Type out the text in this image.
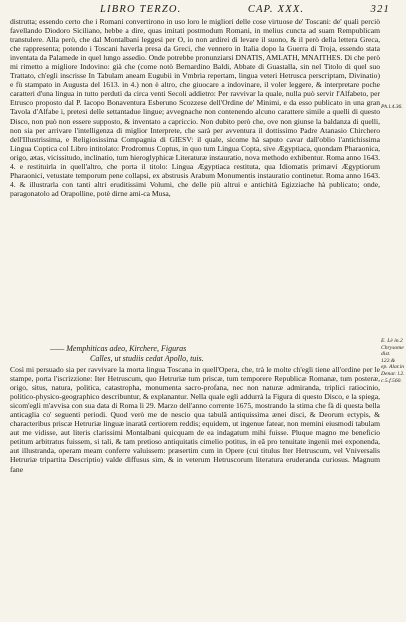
LIBRO TERZO.	CAP. XXX.	321

distrutta; essendo certo che i Romani convertirono in uso loro le migliori delle cose virtuose de' Toscani: de' quali perciò favellando Diodoro Siciliano, hebbe a dire, quas imitati postmodum Romani, in melius cuncta ad suam Rempublicam transtulere. Alla però, che dal Montalbani leggesi per O, io non ardirei di levare il suono, & il però della lettera Greca, che rappresenta; potendo i Toscani haverla presa da Greci, che vennero in Italia dopo la Guerra di Troja, essendo stata inventata da Palamede in quel lungo assedio. Onde potrebbe pronunziarsi DNATIS, AMLATH, MNAITHES. Di che però mi rimetto a migliore Indovino: già che (come notò Bernardino Baldi, Abbate di Guastalla, sin nel Titolo di quel suo Trattato, ch'egli inscrisse In Tabulam aneam Eugubii in Vmbria repertam, lingua veteri Hetrusca perscriptam, Divinatio) e fù stampato in Augusta del 1613. in 4.) non è altro, che giuocare a indovinare, il voler leggere, & interpretare poche caratteri d'una lingua in tutto perduti da circa venti Secoli addietro: Per ravvivar la quale, nulla può servir l'Alfabeto, per Etrusco proposto dal P. Iacopo Bonaventura Esberuno Scozzese dell'Ordine de' Minimi, e da esso publicato in una gran Tavola d'Alfabe i, pretesi delle settantadue lingue; avvegnache non contenendo alcuno carattere simile a quelli di questo Disco, non può non essere supposto, & inventato a capriccio. Non dubito però che, ove non giunse la baldanza di quelli, non sia per arrivare l'intelligenza di miglior Interprete, che sarà per avventura il dottissimo Padre Atanasio Chirchero dell'Illustrissima, e Religiosissima Compagnia di GIESV: il quale, sicome hà saputo cavar dall'oblio l'antichissima Lingua Coptica col Libro intitolato: Prodromus Coptus, in quo tum Lingua Copta, sive Ægyptiaca, quondam Pharaonica, origo, ætas, vicissitudo, inclinatio, tum hieroglyphicæ Literaturæ instauratio, nova methodo exhibentur. Roma anno 1643. 4. e restituirla in quell'altro, che porta il titolo: Lingua Ægyptiaca restituta, qua Idiomatis primævi Ægyptiorum Pharaonici, vetustate temporum pene collapsi, ex abstrusis Arabum Monumentis instauratio continetur. Roma anno 1643. 4. & illustrarla con tanti altri eruditissimi Volumi, che delle più altrui e antichità Egizziache hà publicato; onde, paragonatolo ad Orapolline, potè dirne ami-ca Musa,

Ph.l.4.36.
—— Memphiticas adeo, Kirchere, Figuras
Calles, ut studiis cedat Apollo, tuis.
E. Lè in.2
Chrysome
dist. 122.&
ep. Alar.in
Denar. l.2.
c.5.f.560.

Così mi persuado sia per ravvivare la morta lingua Toscana in quell'Opera, che, trà le molte ch'egli tiene all'ordine per le stampe, porta l'iscrizzione: Iter Hetruscum, quo Hetruriæ tum priscæ, tum temporere Republicæ Romanæ, tum posteræ, origo, situs, natura, politica, catastropha, monumenta sacro-profana, nec non naturæ admiranda, triplici ratiocinio, politico-physico-geographico describuntur, & explanantur. Nella quale egli addurrà la Figura di questo Disco, e la spiega, sicom'egli m'avvisa con sua data di Roma li 29. Marzo dell'anno corrente 1675, mostrando la stima che fà di questa bella anticaglia co' seguenti periodi. Quod verò me de nescio qua tabulâ antiquissima ænei disci, & Deorum ectypis, & characteribus priscæ Hetruriæ linguæ inaratâ certiorem reddis; equidem, ut ingenue fatear, non memini eiusmodi tabulam aut me vidisse, aut literis clarissimi Montalbani quicquam de ea indagatum mihi fuisse. Pluque magno me beneficio petitum arbitratus fuissem, si tali, & tam pretioso antiquitatis cimelio potitus, in eâ pro tenuitate ingenii mei exponenda, aut illustranda, operam meam conferre valuissem: præsertim cum in Opere (cui titulus Iter Hetruscum, vel Vniversalis Hetruriæ tripartita Descriptio) valde diffusus sim, & in veterum Hetruscorum literatura eruderanda curiosus. Magnum fane
